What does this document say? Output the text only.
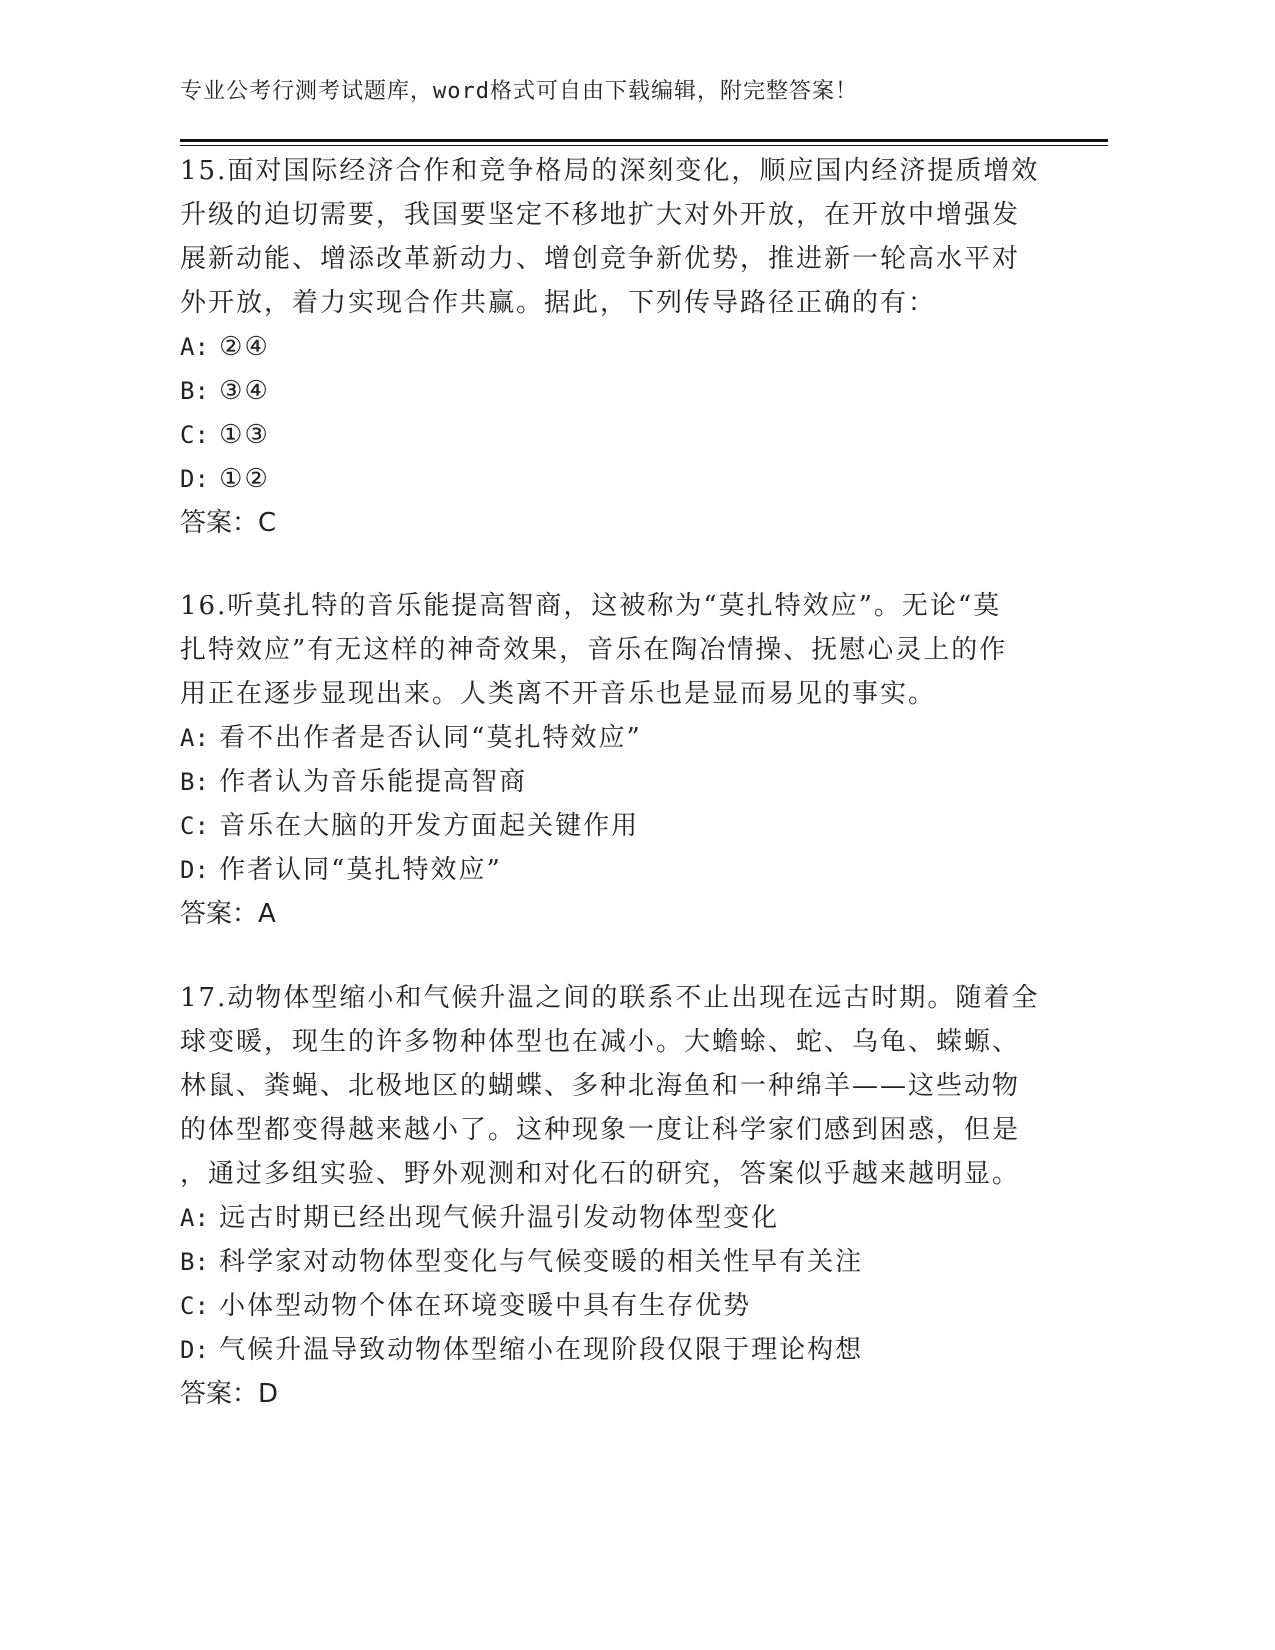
专业公考行测考试题库，word格式可自由下载编辑，附完整答案！
15.面对国际经济合作和竞争格局的深刻变化，顺应国内经济提质增效
升级的迫切需要，我国要坚定不移地扩大对外开放，在开放中增强发
展新动能、增添改革新动力、增创竞争新优势，推进新一轮高水平对
外开放，着力实现合作共赢。据此，下列传导路径正确的有：
A: ②④
B: ③④
C: ①③
D: ①②
答案：C
16.听莫扎特的音乐能提高智商，这被称为“莫扎特效应”。无论“莫
扎特效应”有无这样的神奇效果，音乐在陶冶情操、抚慰心灵上的作
用正在逐步显现出来。人类离不开音乐也是显而易见的事实。
A: 看不出作者是否认同“莫扎特效应”
B: 作者认为音乐能提高智商
C: 音乐在大脑的开发方面起关键作用
D: 作者认同“莫扎特效应”
答案：A
17.动物体型缩小和气候升温之间的联系不止出现在远古时期。随着全
球变暖，现生的许多物种体型也在减小。大蟾蜍、蛇、乌龟、蝾螈、
林鼠、粪蝇、北极地区的蝴蝶、多种北海鱼和一种绵羊——这些动物
的体型都变得越来越小了。这种现象一度让科学家们感到困惑，但是
，通过多组实验、野外观测和对化石的研究，答案似乎越来越明显。
A: 远古时期已经出现气候升温引发动物体型变化
B: 科学家对动物体型变化与气候变暖的相关性早有关注
C: 小体型动物个体在环境变暖中具有生存优势
D: 气候升温导致动物体型缩小在现阶段仅限于理论构想
答案：D
